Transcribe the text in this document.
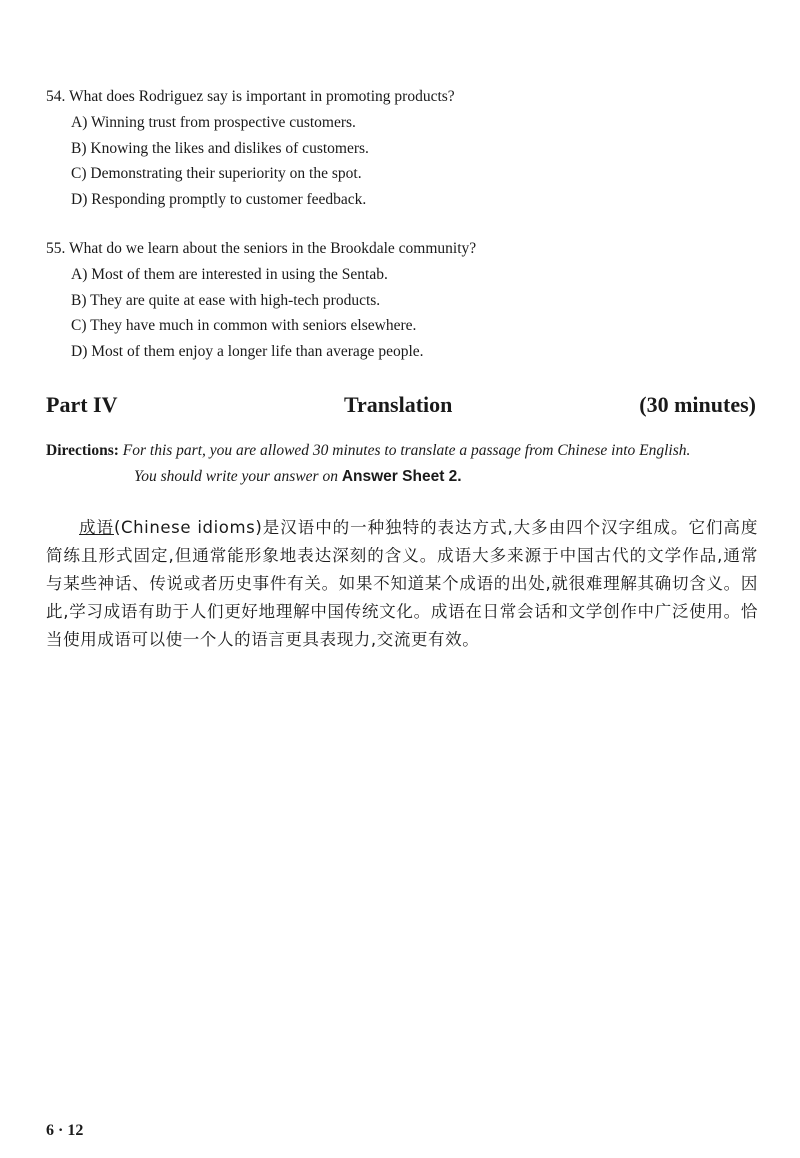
54. What does Rodriguez say is important in promoting products?
A) Winning trust from prospective customers.
B) Knowing the likes and dislikes of customers.
C) Demonstrating their superiority on the spot.
D) Responding promptly to customer feedback.
55. What do we learn about the seniors in the Brookdale community?
A) Most of them are interested in using the Sentab.
B) They are quite at ease with high-tech products.
C) They have much in common with seniors elsewhere.
D) Most of them enjoy a longer life than average people.
Part IV	Translation	(30 minutes)
Directions: For this part, you are allowed 30 minutes to translate a passage from Chinese into English.
You should write your answer on Answer Sheet 2.
成语(Chinese idioms)是汉语中的一种独特的表达方式,大多由四个汉字组成。它们高度简练且形式固定,但通常能形象地表达深刻的含义。成语大多来源于中国古代的文学作品,通常与某些神话、传说或者历史事件有关。如果不知道某个成语的出处,就很难理解其确切含义。因此,学习成语有助于人们更好地理解中国传统文化。成语在日常会话和文学创作中广泛使用。恰当使用成语可以使一个人的语言更具表现力,交流更有效。
6 · 12
